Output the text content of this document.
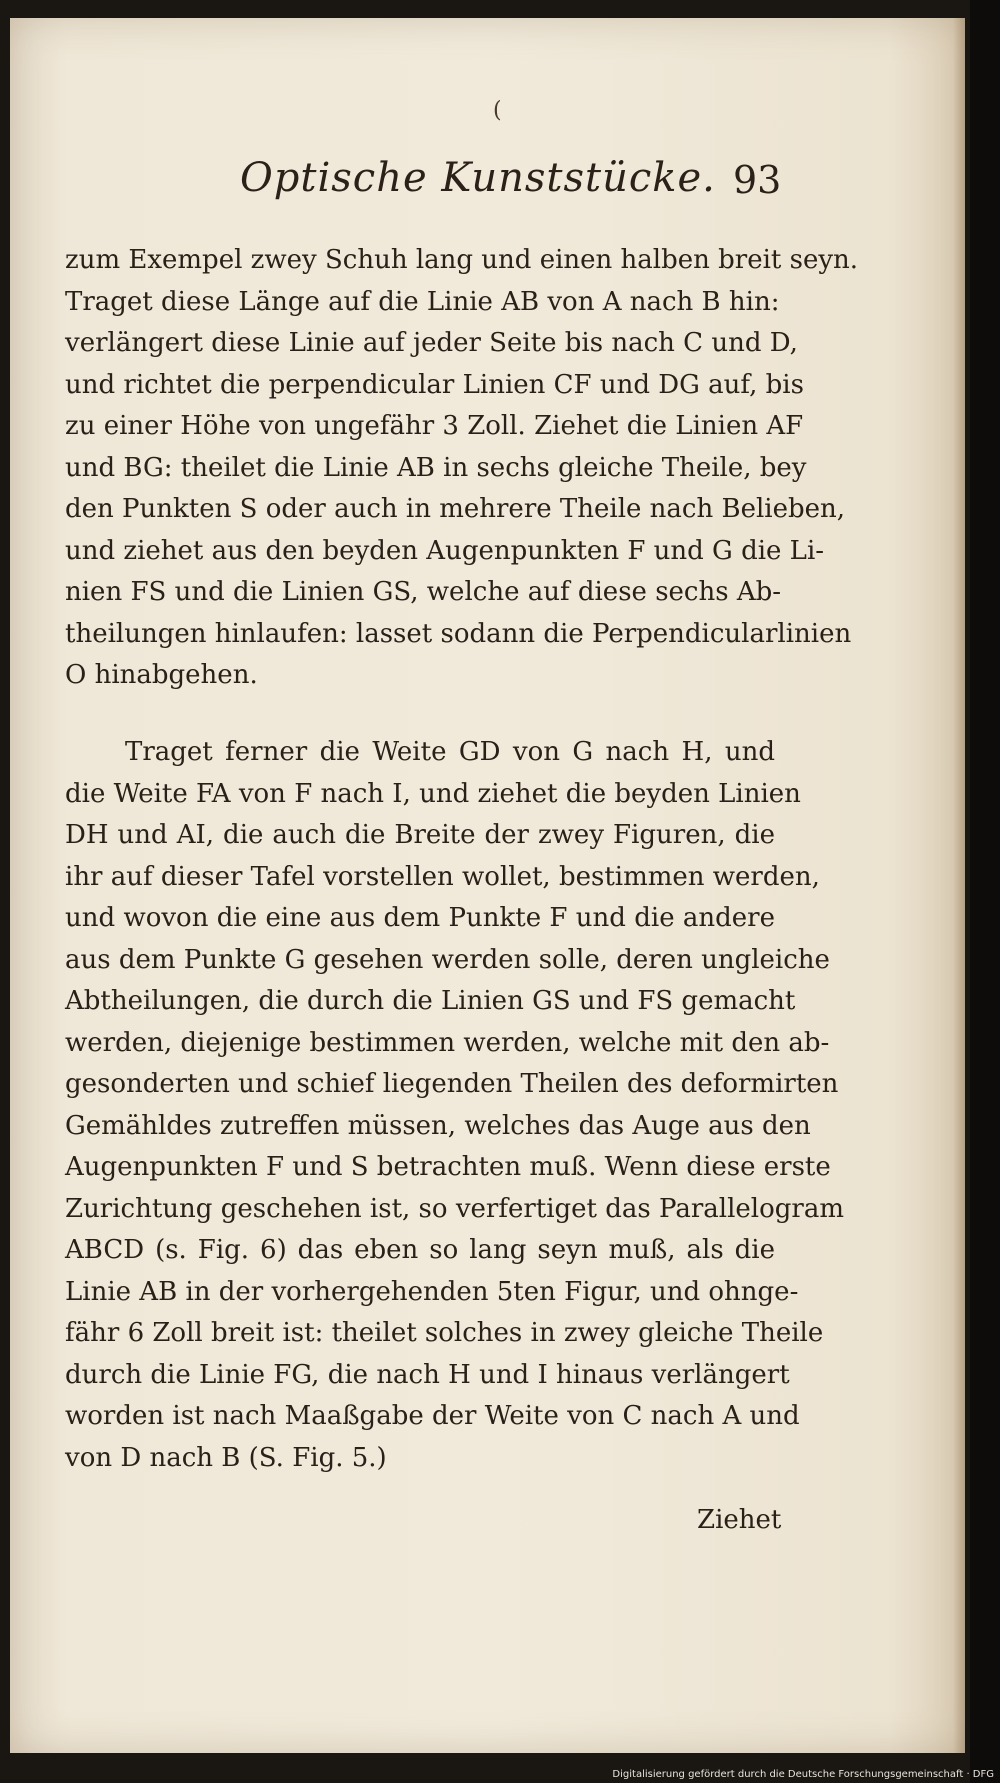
(
Optische Kunststücke. 93

zum Exempel zwey Schuh lang und einen halben breit seyn.
Traget diese Länge auf die Linie AB von A nach B hin:
verlängert diese Linie auf jeder Seite bis nach C und D,
und richtet die perpendicular Linien CF und DG auf, bis
zu einer Höhe von ungefähr 3 Zoll. Ziehet die Linien AF
und BG: theilet die Linie AB in sechs gleiche Theile, bey
den Punkten S oder auch in mehrere Theile nach Belieben,
und ziehet aus den beyden Augenpunkten F und G die Li-
nien FS und die Linien GS, welche auf diese sechs Ab-
theilungen hinlaufen: lasset sodann die Perpendicularlinien
O hinabgehen.

Traget ferner die Weite GD von G nach H, und
die Weite FA von F nach I, und ziehet die beyden Linien
DH und AI, die auch die Breite der zwey Figuren, die
ihr auf dieser Tafel vorstellen wollet, bestimmen werden,
und wovon die eine aus dem Punkte F und die andere
aus dem Punkte G gesehen werden solle, deren ungleiche
Abtheilungen, die durch die Linien GS und FS gemacht
werden, diejenige bestimmen werden, welche mit den ab-
gesonderten und schief liegenden Theilen des deformirten
Gemähldes zutreffen müssen, welches das Auge aus den
Augenpunkten F und S betrachten muß. Wenn diese erste
Zurichtung geschehen ist, so verfertiget das Parallelogram
ABCD (s. Fig. 6) das eben so lang seyn muß, als die
Linie AB in der vorhergehenden 5ten Figur, und ohnge-
fähr 6 Zoll breit ist: theilet solches in zwey gleiche Theile
durch die Linie FG, die nach H und I hinaus verlängert
worden ist nach Maaßgabe der Weite von C nach A und
von D nach B (S. Fig. 5.)

Ziehet
Digitalisierung gefördert durch die Deutsche Forschungsgemeinschaft · DFG
